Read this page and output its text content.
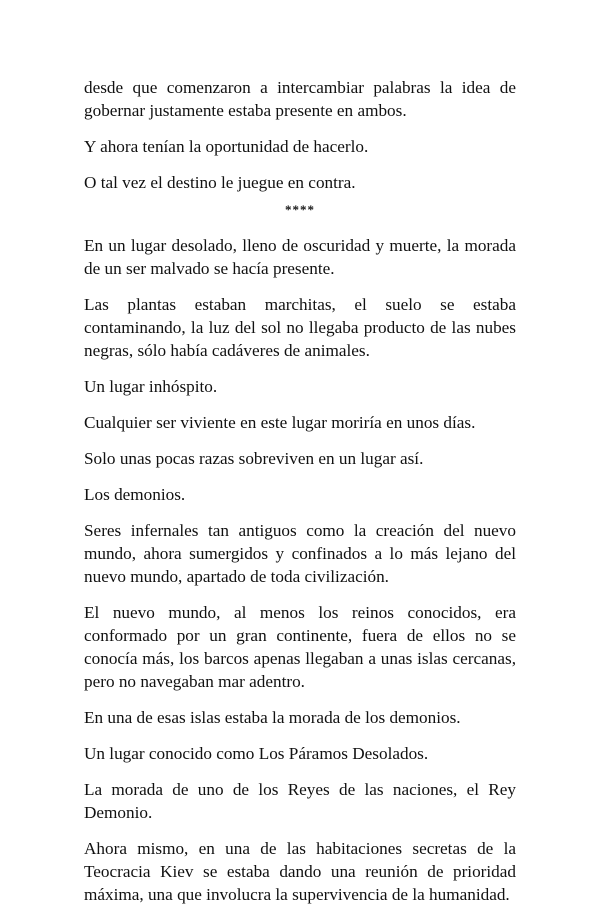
desde que comenzaron a intercambiar palabras la idea de gobernar justamente estaba presente en ambos.

Y ahora tenían la oportunidad de hacerlo.

O tal vez el destino le juegue en contra.

****

En un lugar desolado, lleno de oscuridad y muerte, la morada de un ser malvado se hacía presente.

Las plantas estaban marchitas, el suelo se estaba contaminando, la luz del sol no llegaba producto de las nubes negras, sólo había cadáveres de animales.

Un lugar inhóspito.

Cualquier ser viviente en este lugar moriría en unos días.

Solo unas pocas razas sobreviven en un lugar así.

Los demonios.

Seres infernales tan antiguos como la creación del nuevo mundo, ahora sumergidos y confinados a lo más lejano del nuevo mundo, apartado de toda civilización.

El nuevo mundo, al menos los reinos conocidos, era conformado por un gran continente, fuera de ellos no se conocía más, los barcos apenas llegaban a unas islas cercanas, pero no navegaban mar adentro.

En una de esas islas estaba la morada de los demonios.

Un lugar conocido como Los Páramos Desolados.

La morada de uno de los Reyes de las naciones, el Rey Demonio.

Ahora mismo, en una de las habitaciones secretas de la Teocracia Kiev se estaba dando una reunión de prioridad máxima, una que involucra la supervivencia de la humanidad.
